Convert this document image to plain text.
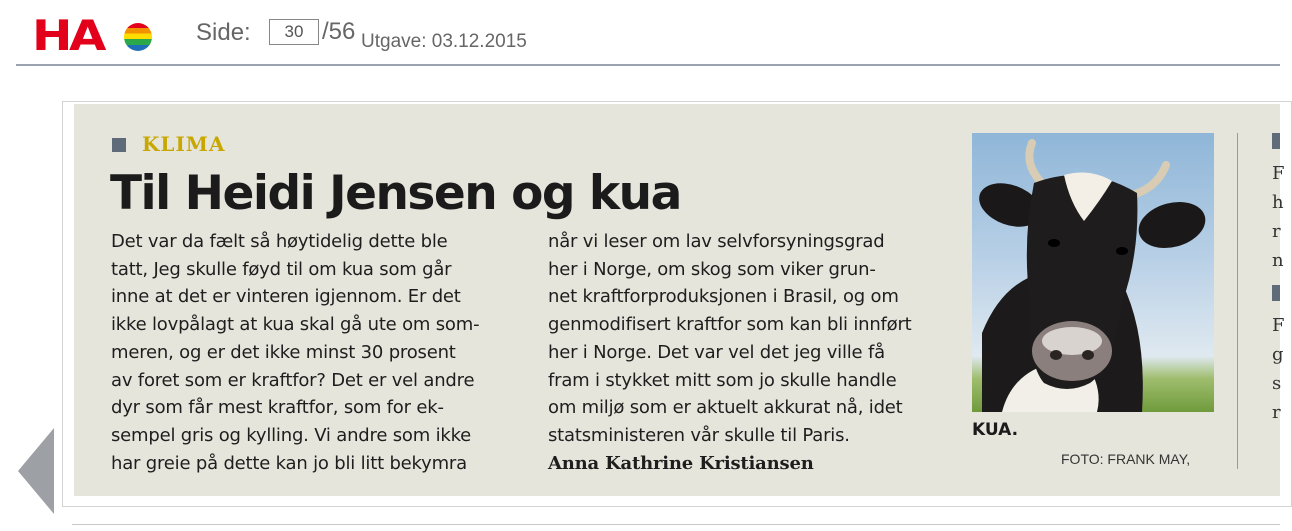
HA	Side:
30	/56 Utgave: 03.12.2015
KLIMA
Til Heidi Jensen og kua
Det var da fælt så høytidelig dette ble
tatt, Jeg skulle føyd til om kua som går
inne at det er vinteren igjennom. Er det
ikke lovpålagt at kua skal gå ute om som-
meren, og er det ikke minst 30 prosent
av foret som er kraftfor? Det er vel andre
dyr som får mest kraftfor, som for ek-
sempel gris og kylling. Vi andre som ikke
har greie på dette kan jo bli litt bekymra
når vi leser om lav selvforsyningsgrad
her i Norge, om skog som viker grun-
net kraftforproduksjonen i Brasil, og om
genmodifisert kraftfor som kan bli innført
her i Norge. Det var vel det jeg ville få
fram i stykket mitt som jo skulle handle
om miljø som er aktuelt akkurat nå, idet
statsministeren vår skulle til Paris.
Anna Kathrine Kristiansen
KUA.
FOTO: FRANK MAY,
F
h
r
n
F
g
s
r
